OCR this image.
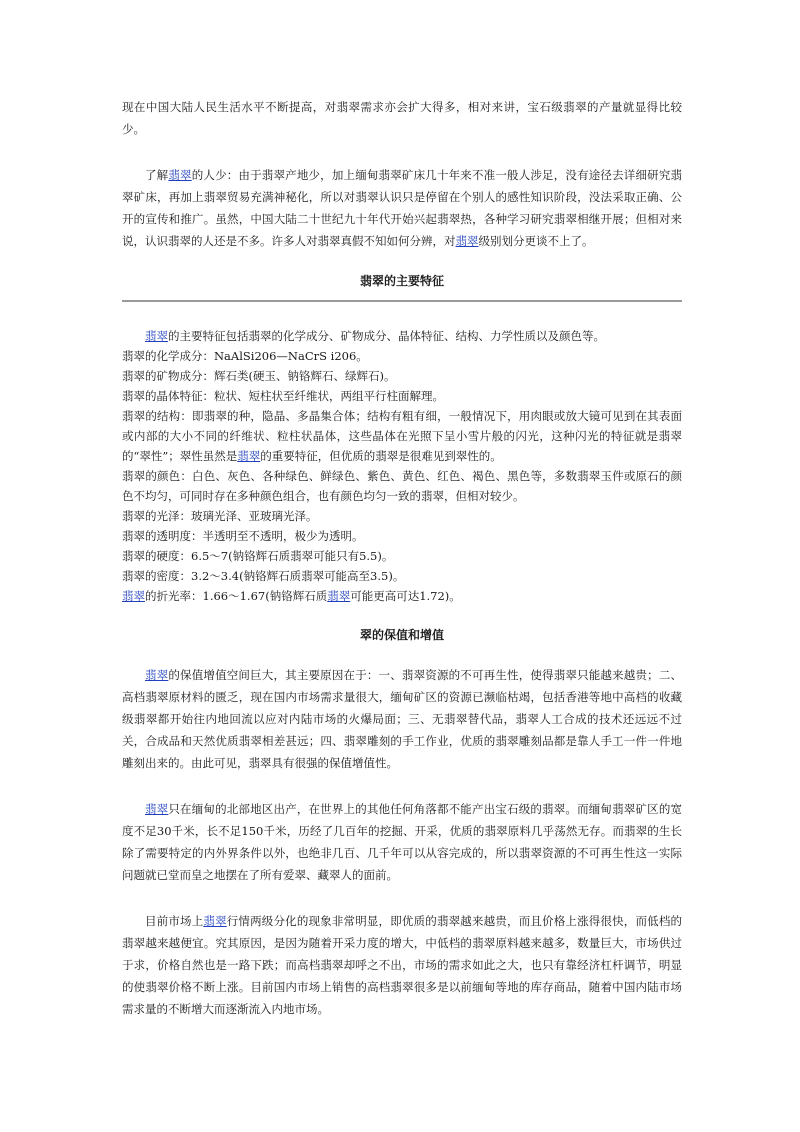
现在中国大陆人民生活水平不断提高，对翡翠需求亦会扩大得多，相对来讲，宝石级翡翠的产量就显得比较少。

了解翡翠的人少：由于翡翠产地少，加上缅甸翡翠矿床几十年来不准一般人涉足，没有途径去详细研究翡翠矿床，再加上翡翠贸易充满神秘化，所以对翡翠认识只是停留在个别人的感性知识阶段，没法采取正确、公开的宣传和推广。虽然，中国大陆二十世纪九十年代开始兴起翡翠热，各种学习研究翡翠相继开展；但相对来说，认识翡翠的人还是不多。许多人对翡翠真假不知如何分辨，对翡翠级别划分更谈不上了。

翡翠的主要特征

翡翠的主要特征包括翡翠的化学成分、矿物成分、晶体特征、结构、力学性质以及颜色等。

翡翠的化学成分：NaAlSi206—NaCrS i206。

翡翠的矿物成分：辉石类(硬玉、钠铬辉石、绿辉石)。

翡翠的晶体特征：粒状、短柱状至纤维状，两组平行柱面解理。

翡翠的结构：即翡翠的种，隐晶、多晶集合体；结构有粗有细，一般情况下，用肉眼或放大镜可见到在其表面或内部的大小不同的纤维状、粒柱状晶体，这些晶体在光照下呈小雪片般的闪光，这种闪光的特征就是翡翠的“翠性”；翠性虽然是翡翠的重要特征，但优质的翡翠是很难见到翠性的。

翡翠的颜色：白色、灰色、各种绿色、鲜绿色、紫色、黄色、红色、褐色、黑色等，多数翡翠玉件或原石的颜色不均匀，可同时存在多种颜色组合，也有颜色均匀一致的翡翠，但相对较少。

翡翠的光泽：玻璃光泽、亚玻璃光泽。

翡翠的透明度：半透明至不透明，极少为透明。

翡翠的硬度：6.5～7(钠铬辉石质翡翠可能只有5.5)。

翡翠的密度：3.2～3.4(钠铬辉石质翡翠可能高至3.5)。

翡翠的折光率：1.66～1.67(钠铬辉石质翡翠可能更高可达1.72)。

翠的保值和增值

翡翠的保值增值空间巨大，其主要原因在于：一、翡翠资源的不可再生性，使得翡翠只能越来越贵；二、高档翡翠原材料的匮乏，现在国内市场需求量很大，缅甸矿区的资源已濒临枯竭，包括香港等地中高档的收藏级翡翠都开始往内地回流以应对内陆市场的火爆局面；三、无翡翠替代品，翡翠人工合成的技术还远远不过关，合成品和天然优质翡翠相差甚远；四、翡翠雕刻的手工作业，优质的翡翠雕刻品都是靠人手工一件一件地雕刻出来的。由此可见，翡翠具有很强的保值增值性。

翡翠只在缅甸的北部地区出产，在世界上的其他任何角落都不能产出宝石级的翡翠。而缅甸翡翠矿区的宽度不足30千米，长不足150千米，历经了几百年的挖掘、开采，优质的翡翠原料几乎荡然无存。而翡翠的生长除了需要特定的内外界条件以外，也绝非几百、几千年可以从容完成的，所以翡翠资源的不可再生性这一实际问题就已堂而皇之地摆在了所有爱翠、藏翠人的面前。

目前市场上翡翠行情两级分化的现象非常明显，即优质的翡翠越来越贵，而且价格上涨得很快，而低档的翡翠越来越便宜。究其原因，是因为随着开采力度的增大，中低档的翡翠原料越来越多，数量巨大，市场供过于求，价格自然也是一路下跌；而高档翡翠却呼之不出，市场的需求如此之大，也只有靠经济杠杆调节，明显的使翡翠价格不断上涨。目前国内市场上销售的高档翡翠很多是以前缅甸等地的库存商品，随着中国内陆市场需求量的不断增大而逐渐流入内地市场。
